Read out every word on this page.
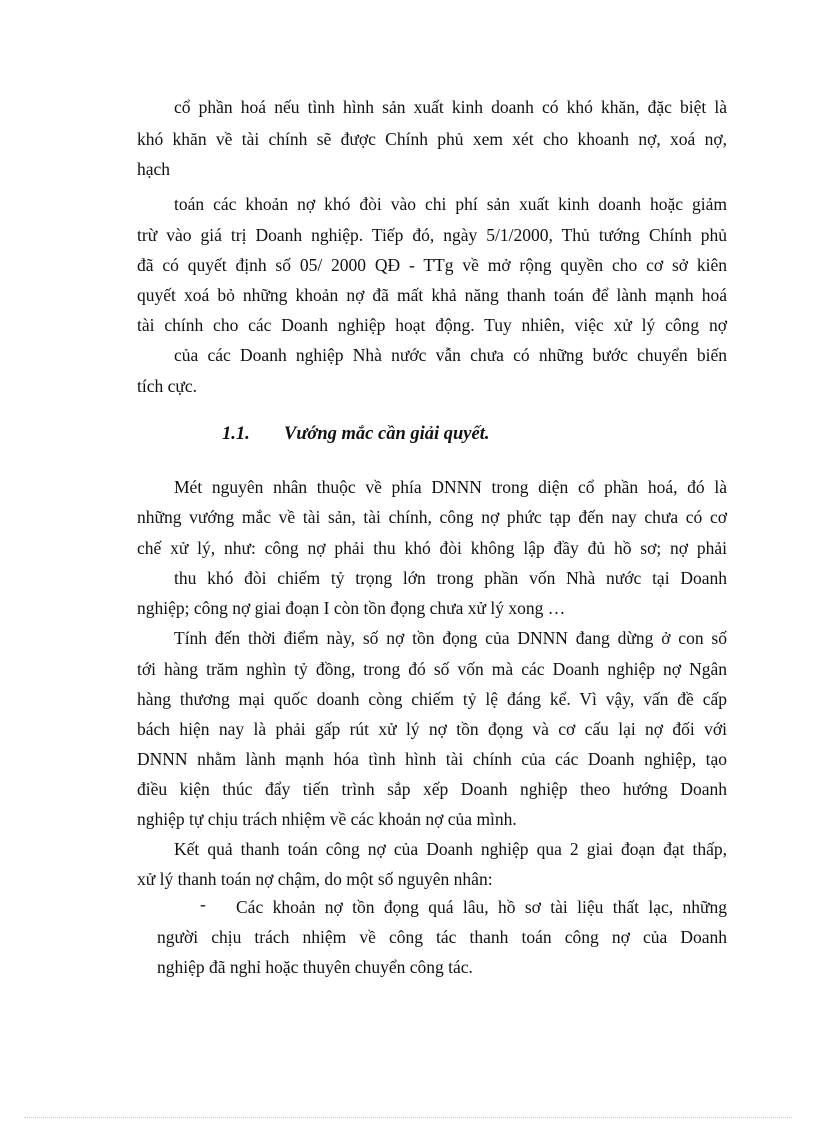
cổ phần hoá nếu tình hình sản xuất kinh doanh có khó khăn, đặc biệt là
khó khăn về tài chính sẽ được Chính phủ xem xét cho khoanh nợ, xoá nợ,
hạch
toán các khoản nợ khó đòi vào chi phí sản xuất kinh doanh hoặc giảm
trừ vào giá trị Doanh nghiệp. Tiếp đó, ngày 5/1/2000, Thủ tướng Chính phủ
đã có quyết định số 05/ 2000 QĐ - TTg về mở rộng quyền cho cơ sở kiên
quyết xoá bỏ những khoản nợ đã mất khả năng thanh toán để lành mạnh hoá
tài chính cho các Doanh nghiệp hoạt động. Tuy nhiên, việc xử lý công nợ
của các Doanh nghiệp Nhà nước vẫn chưa có những bước chuyển biến
tích cực.
1.1. Vướng mắc cần giải quyết.
Mét nguyên nhân thuộc về phía DNNN trong diện cổ phần hoá, đó là
những vướng mắc về tài sản, tài chính, công nợ phức tạp đến nay chưa có cơ
chế xử lý, như: công nợ phải thu khó đòi không lập đầy đủ hồ sơ; nợ phải
thu khó đòi chiếm tỷ trọng lớn trong phần vốn Nhà nước tại Doanh
nghiệp; công nợ giai đoạn I còn tồn đọng chưa xử lý xong …
Tính đến thời điểm này, số nợ tồn đọng của DNNN đang dừng ở con số
tới hàng trăm nghìn tỷ đồng, trong đó số vốn mà các Doanh nghiệp nợ Ngân
hàng thương mại quốc doanh còng chiếm tỷ lệ đáng kể. Vì vậy, vấn đề cấp
bách hiện nay là phải gấp rút xử lý nợ tồn đọng và cơ cấu lại nợ đối với
DNNN nhằm lành mạnh hóa tình hình tài chính của các Doanh nghiệp, tạo
điều kiện thúc đẩy tiến trình sắp xếp Doanh nghiệp theo hướng Doanh
nghiệp tự chịu trách nhiệm về các khoản nợ của mình.
Kết quả thanh toán công nợ của Doanh nghiệp qua 2 giai đoạn đạt thấp,
xử lý thanh toán nợ chậm, do một số nguyên nhân:
- Các khoản nợ tồn đọng quá lâu, hồ sơ tài liệu thất lạc, những
người chịu trách nhiệm về công tác thanh toán công nợ của Doanh
nghiệp đã nghỉ hoặc thuyên chuyển công tác.
